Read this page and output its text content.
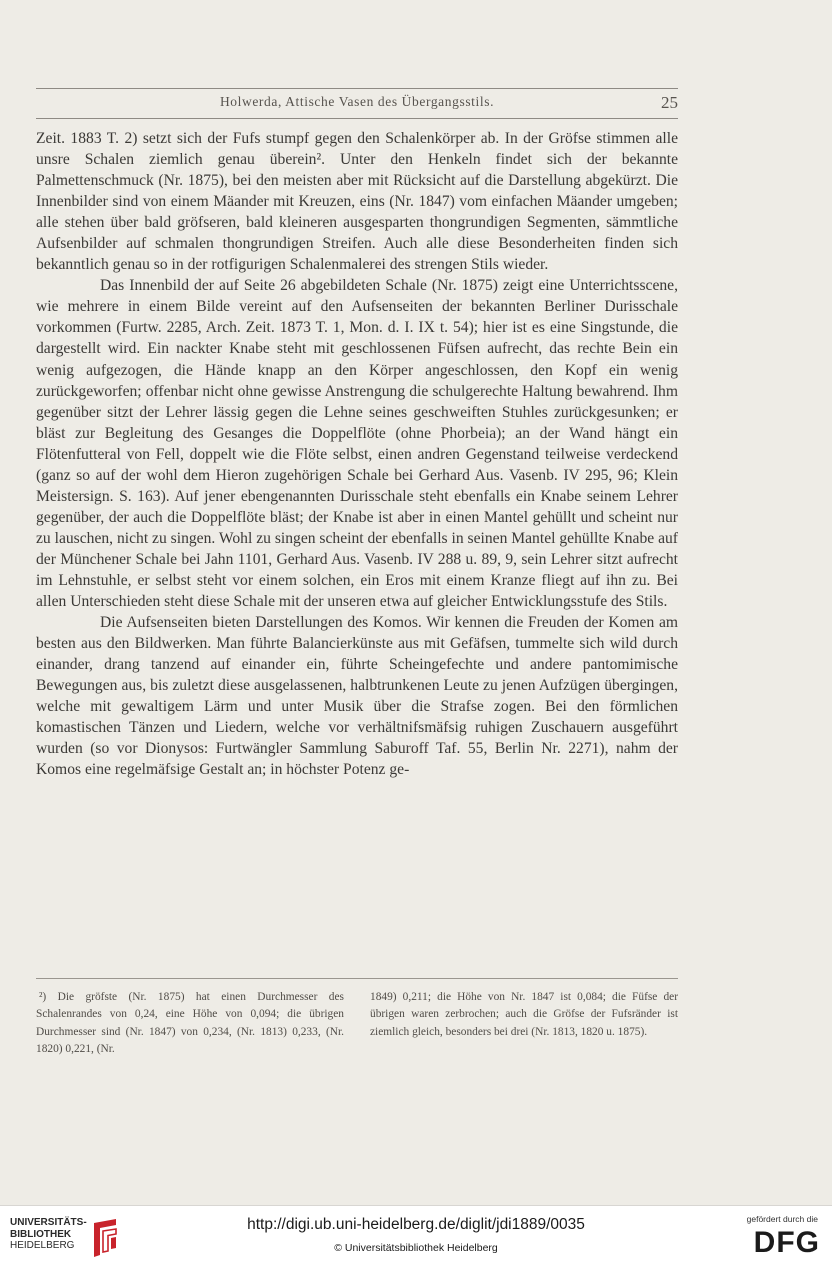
Holwerda, Attische Vasen des Übergangsstils.	25

Zeit. 1883 T. 2) setzt sich der Fufs stumpf gegen den Schalenkörper ab. In der Gröfse stimmen alle unsre Schalen ziemlich genau überein². Unter den Henkeln findet sich der bekannte Palmettenschmuck (Nr. 1875), bei den meisten aber mit Rücksicht auf die Darstellung abgekürzt. Die Innenbilder sind von einem Mäander mit Kreuzen, eins (Nr. 1847) vom einfachen Mäander umgeben; alle stehen über bald gröfseren, bald kleineren ausgesparten thongrundigen Segmenten, sämmtliche Aufsenbilder auf schmalen thongrundigen Streifen. Auch alle diese Besonderheiten finden sich bekanntlich genau so in der rotfigurigen Schalenmalerei des strengen Stils wieder.

Das Innenbild der auf Seite 26 abgebildeten Schale (Nr. 1875) zeigt eine Unterrichtsscene, wie mehrere in einem Bilde vereint auf den Aufsenseiten der bekannten Berliner Durisschale vorkommen (Furtw. 2285, Arch. Zeit. 1873 T. 1, Mon. d. I. IX t. 54); hier ist es eine Singstunde, die dargestellt wird. Ein nackter Knabe steht mit geschlossenen Füfsen aufrecht, das rechte Bein ein wenig aufgezogen, die Hände knapp an den Körper angeschlossen, den Kopf ein wenig zurückgeworfen; offenbar nicht ohne gewisse Anstrengung die schulgerechte Haltung bewahrend. Ihm gegenüber sitzt der Lehrer lässig gegen die Lehne seines geschweiften Stuhles zurückgesunken; er bläst zur Begleitung des Gesanges die Doppelflöte (ohne Phorbeia); an der Wand hängt ein Flötenfutteral von Fell, doppelt wie die Flöte selbst, einen andren Gegenstand teilweise verdeckend (ganz so auf der wohl dem Hieron zugehörigen Schale bei Gerhard Aus. Vasenb. IV 295, 96; Klein Meistersign. S. 163). Auf jener ebengenannten Durisschale steht ebenfalls ein Knabe seinem Lehrer gegenüber, der auch die Doppelflöte bläst; der Knabe ist aber in einen Mantel gehüllt und scheint nur zu lauschen, nicht zu singen. Wohl zu singen scheint der ebenfalls in seinen Mantel gehüllte Knabe auf der Münchener Schale bei Jahn 1101, Gerhard Aus. Vasenb. IV 288 u. 89, 9, sein Lehrer sitzt aufrecht im Lehnstuhle, er selbst steht vor einem solchen, ein Eros mit einem Kranze fliegt auf ihn zu. Bei allen Unterschieden steht diese Schale mit der unseren etwa auf gleicher Entwicklungsstufe des Stils.

Die Aufsenseiten bieten Darstellungen des Komos. Wir kennen die Freuden der Komen am besten aus den Bildwerken. Man führte Balancierkünste aus mit Gefäfsen, tummelte sich wild durch einander, drang tanzend auf einander ein, führte Scheingefechte und andere pantomimische Bewegungen aus, bis zuletzt diese ausgelassenen, halbtrunkenen Leute zu jenen Aufzügen übergingen, welche mit gewaltigem Lärm und unter Musik über die Strafse zogen. Bei den förmlichen komastischen Tänzen und Liedern, welche vor verhältnifsmäfsig ruhigen Zuschauern ausgeführt wurden (so vor Dionysos: Furtwängler Sammlung Saburoff Taf. 55, Berlin Nr. 2271), nahm der Komos eine regelmäfsige Gestalt an; in höchster Potenz ge-

²) Die gröfste (Nr. 1875) hat einen Durchmesser des Schalenrandes von 0,24, eine Höhe von 0,094; die übrigen Durchmesser sind (Nr. 1847) von 0,234, (Nr. 1813) 0,233, (Nr. 1820) 0,221, (Nr.
1849) 0,211; die Höhe von Nr. 1847 ist 0,084; die Füfse der übrigen waren zerbrochen; auch die Gröfse der Fufsränder ist ziemlich gleich, besonders bei drei (Nr. 1813, 1820 u. 1875).
UNIVERSITÄTS-
BIBLIOTHEK
HEIDELBERG
http://digi.ub.uni-heidelberg.de/diglit/jdi1889/0035
© Universitätsbibliothek Heidelberg
gefördert durch die
DFG
